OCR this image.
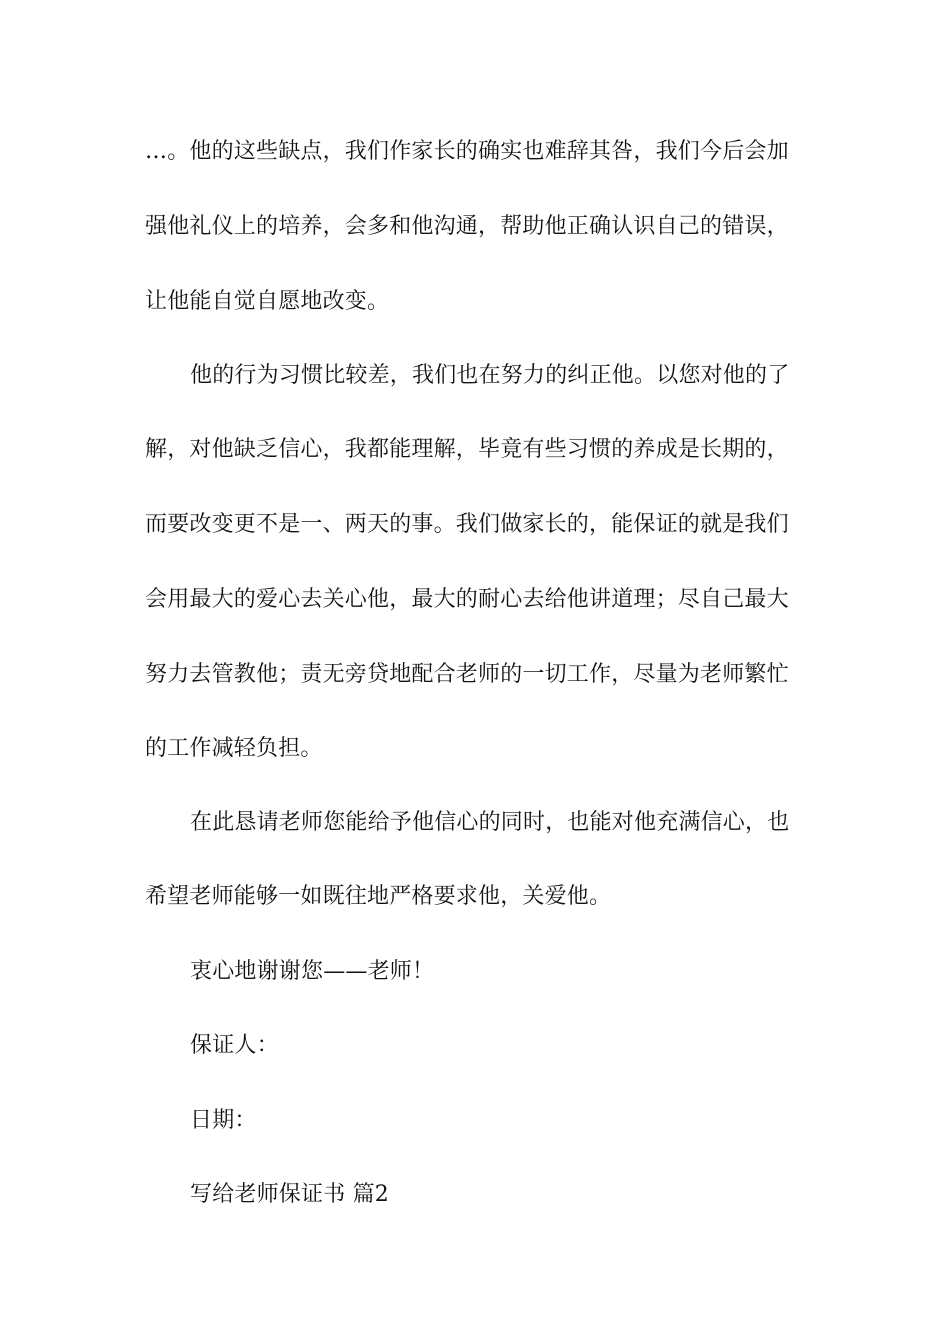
…。他的这些缺点，我们作家长的确实也难辞其咎，我们今后会加
强他礼仪上的培养，会多和他沟通，帮助他正确认识自己的错误，
让他能自觉自愿地改变。
他的行为习惯比较差，我们也在努力的纠正他。以您对他的了
解，对他缺乏信心，我都能理解，毕竟有些习惯的养成是长期的，
而要改变更不是一、两天的事。我们做家长的，能保证的就是我们
会用最大的爱心去关心他，最大的耐心去给他讲道理；尽自己最大
努力去管教他；责无旁贷地配合老师的一切工作，尽量为老师繁忙
的工作减轻负担。
在此恳请老师您能给予他信心的同时，也能对他充满信心，也
希望老师能够一如既往地严格要求他，关爱他。
衷心地谢谢您——老师！
保证人：
日期：
写给老师保证书 篇2
